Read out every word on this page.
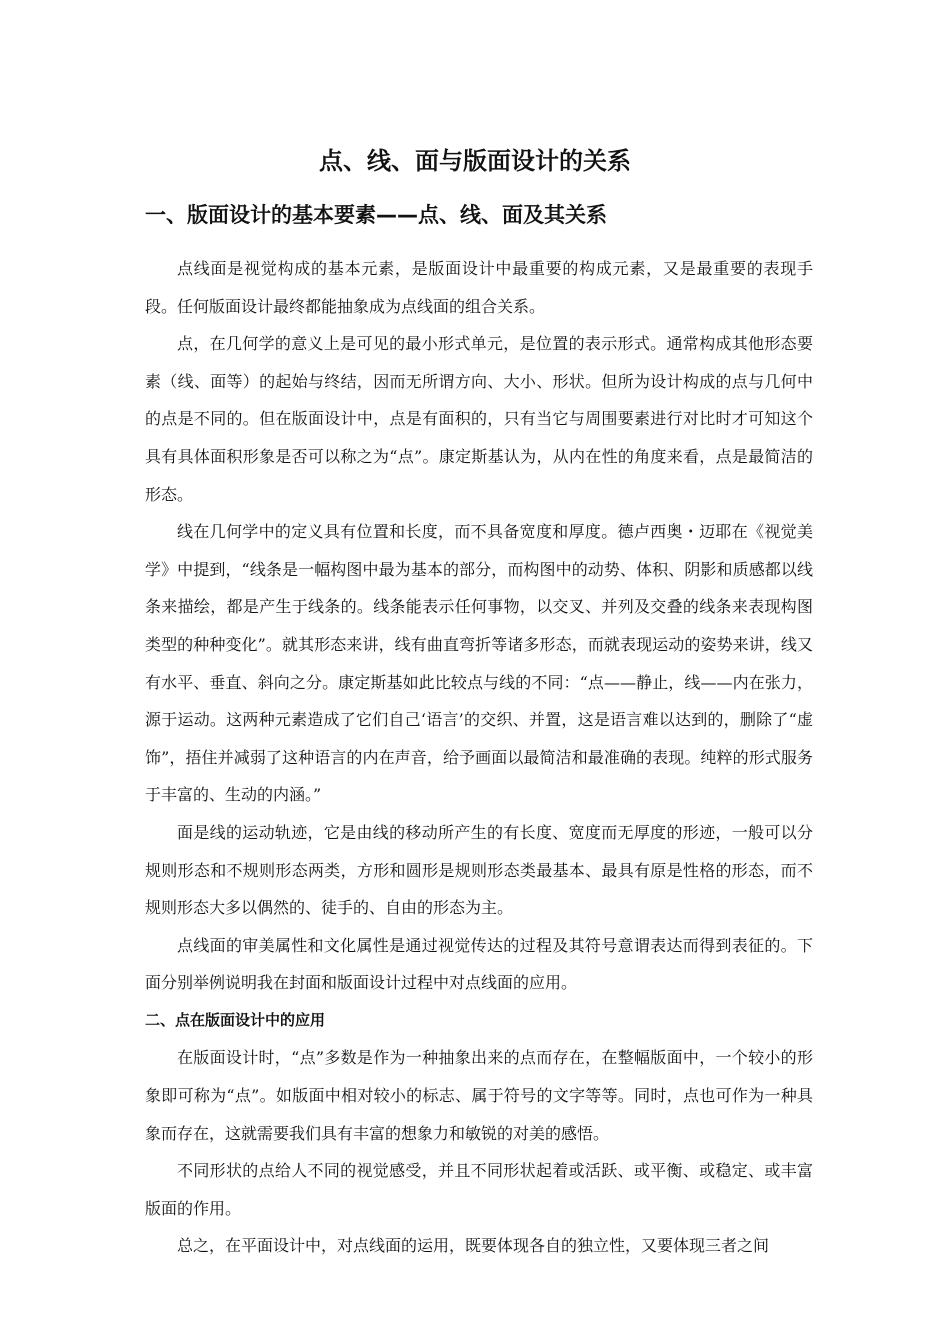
点、线、面与版面设计的关系
一、版面设计的基本要素——点、线、面及其关系

点线面是视觉构成的基本元素，是版面设计中最重要的构成元素，又是最重要的表现手段。任何版面设计最终都能抽象成为点线面的组合关系。

点，在几何学的意义上是可见的最小形式单元，是位置的表示形式。通常构成其他形态要素（线、面等）的起始与终结，因而无所谓方向、大小、形状。但所为设计构成的点与几何中的点是不同的。但在版面设计中，点是有面积的，只有当它与周围要素进行对比时才可知这个具有具体面积形象是否可以称之为“点”。康定斯基认为，从内在性的角度来看，点是最简洁的形态。

线在几何学中的定义具有位置和长度，而不具备宽度和厚度。德卢西奥・迈耶在《视觉美学》中提到，“线条是一幅构图中最为基本的部分，而构图中的动势、体积、阴影和质感都以线条来描绘，都是产生于线条的。线条能表示任何事物，以交叉、并列及交叠的线条来表现构图类型的种种变化”。就其形态来讲，线有曲直弯折等诸多形态，而就表现运动的姿势来讲，线又有水平、垂直、斜向之分。康定斯基如此比较点与线的不同：“点——静止，线——内在张力，源于运动。这两种元素造成了它们自己‘语言’的交织、并置，这是语言难以达到的，删除了“虚饰”，捂住并减弱了这种语言的内在声音，给予画面以最简洁和最准确的表现。纯粹的形式服务于丰富的、生动的内涵。”

面是线的运动轨迹，它是由线的移动所产生的有长度、宽度而无厚度的形迹，一般可以分规则形态和不规则形态两类，方形和圆形是规则形态类最基本、最具有原是性格的形态，而不规则形态大多以偶然的、徒手的、自由的形态为主。

点线面的审美属性和文化属性是通过视觉传达的过程及其符号意谓表达而得到表征的。下面分别举例说明我在封面和版面设计过程中对点线面的应用。

二、点在版面设计中的应用

在版面设计时，“点”多数是作为一种抽象出来的点而存在，在整幅版面中，一个较小的形象即可称为“点”。如版面中相对较小的标志、属于符号的文字等等。同时，点也可作为一种具象而存在，这就需要我们具有丰富的想象力和敏锐的对美的感悟。

不同形状的点给人不同的视觉感受，并且不同形状起着或活跃、或平衡、或稳定、或丰富版面的作用。

总之，在平面设计中，对点线面的运用，既要体现各自的独立性，又要体现三者之间
